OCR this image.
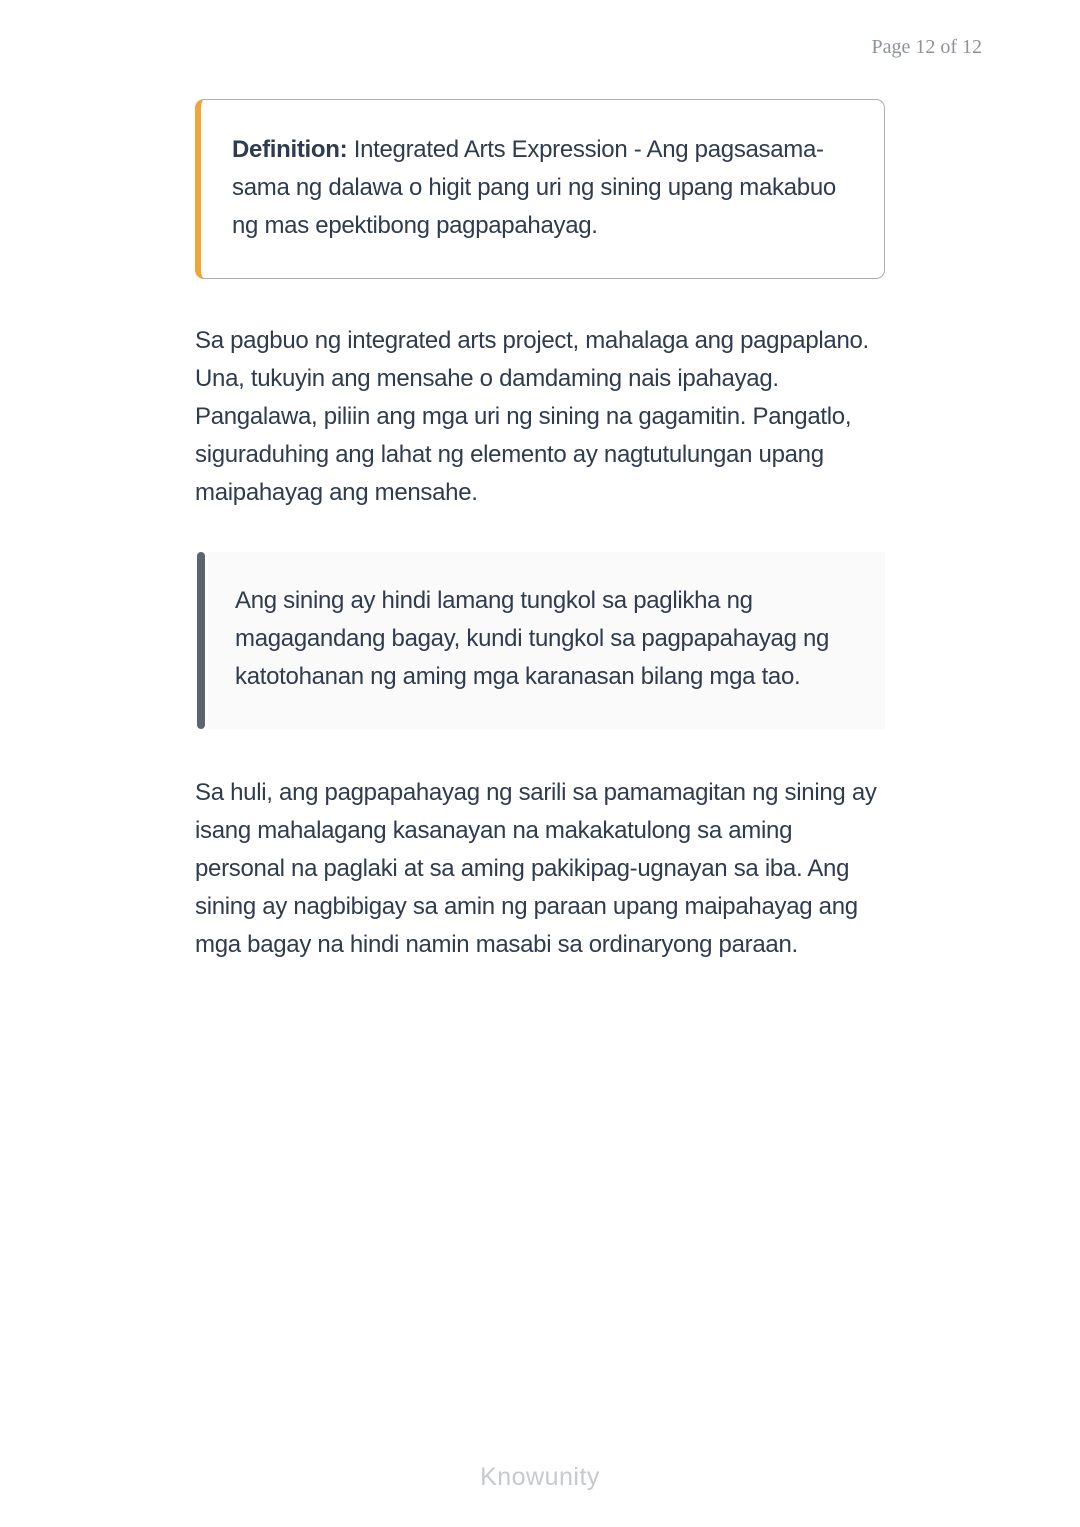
Page 12 of 12
Definition: Integrated Arts Expression - Ang pagsasama-sama ng dalawa o higit pang uri ng sining upang makabuo ng mas epektibong pagpapahayag.

Sa pagbuo ng integrated arts project, mahalaga ang pagpaplano. Una, tukuyin ang mensahe o damdaming nais ipahayag. Pangalawa, piliin ang mga uri ng sining na gagamitin. Pangatlo, siguraduhing ang lahat ng elemento ay nagtutulungan upang maipahayag ang mensahe.

Ang sining ay hindi lamang tungkol sa paglikha ng magagandang bagay, kundi tungkol sa pagpapahayag ng katotohanan ng aming mga karanasan bilang mga tao.

Sa huli, ang pagpapahayag ng sarili sa pamamagitan ng sining ay isang mahalagang kasanayan na makakatulong sa aming personal na paglaki at sa aming pakikipag-ugnayan sa iba. Ang sining ay nagbibigay sa amin ng paraan upang maipahayag ang mga bagay na hindi namin masabi sa ordinaryong paraan.

Knowunity
